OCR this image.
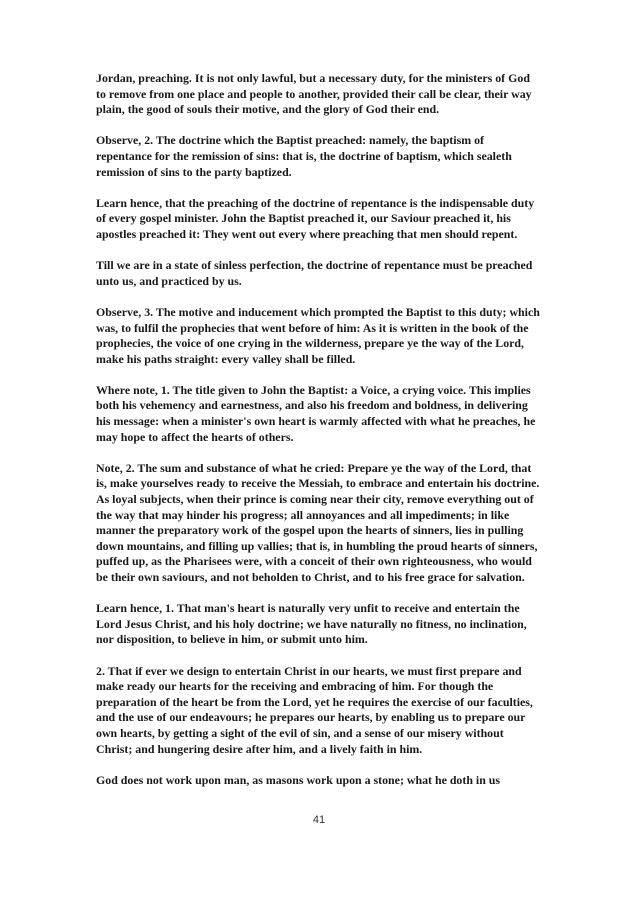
Jordan, preaching. It is not only lawful, but a necessary duty, for the ministers of God to remove from one place and people to another, provided their call be clear, their way plain, the good of souls their motive, and the glory of God their end.

Observe, 2. The doctrine which the Baptist preached: namely, the baptism of repentance for the remission of sins: that is, the doctrine of baptism, which sealeth remission of sins to the party baptized.

Learn hence, that the preaching of the doctrine of repentance is the indispensable duty of every gospel minister. John the Baptist preached it, our Saviour preached it, his apostles preached it: They went out every where preaching that men should repent.

Till we are in a state of sinless perfection, the doctrine of repentance must be preached unto us, and practiced by us.

Observe, 3. The motive and inducement which prompted the Baptist to this duty; which was, to fulfil the prophecies that went before of him: As it is written in the book of the prophecies, the voice of one crying in the wilderness, prepare ye the way of the Lord, make his paths straight: every valley shall be filled.

Where note, 1. The title given to John the Baptist: a Voice, a crying voice. This implies both his vehemency and earnestness, and also his freedom and boldness, in delivering his message: when a minister's own heart is warmly affected with what he preaches, he may hope to affect the hearts of others.

Note, 2. The sum and substance of what he cried: Prepare ye the way of the Lord, that is, make yourselves ready to receive the Messiah, to embrace and entertain his doctrine. As loyal subjects, when their prince is coming near their city, remove everything out of the way that may hinder his progress; all annoyances and all impediments; in like manner the preparatory work of the gospel upon the hearts of sinners, lies in pulling down mountains, and filling up vallies; that is, in humbling the proud hearts of sinners, puffed up, as the Pharisees were, with a conceit of their own righteousness, who would be their own saviours, and not beholden to Christ, and to his free grace for salvation.

Learn hence, 1. That man's heart is naturally very unfit to receive and entertain the Lord Jesus Christ, and his holy doctrine; we have naturally no fitness, no inclination, nor disposition, to believe in him, or submit unto him.

2. That if ever we design to entertain Christ in our hearts, we must first prepare and make ready our hearts for the receiving and embracing of him. For though the preparation of the heart be from the Lord, yet he requires the exercise of our faculties, and the use of our endeavours; he prepares our hearts, by enabling us to prepare our own hearts, by getting a sight of the evil of sin, and a sense of our misery without Christ; and hungering desire after him, and a lively faith in him.

God does not work upon man, as masons work upon a stone; what he doth in us

41
